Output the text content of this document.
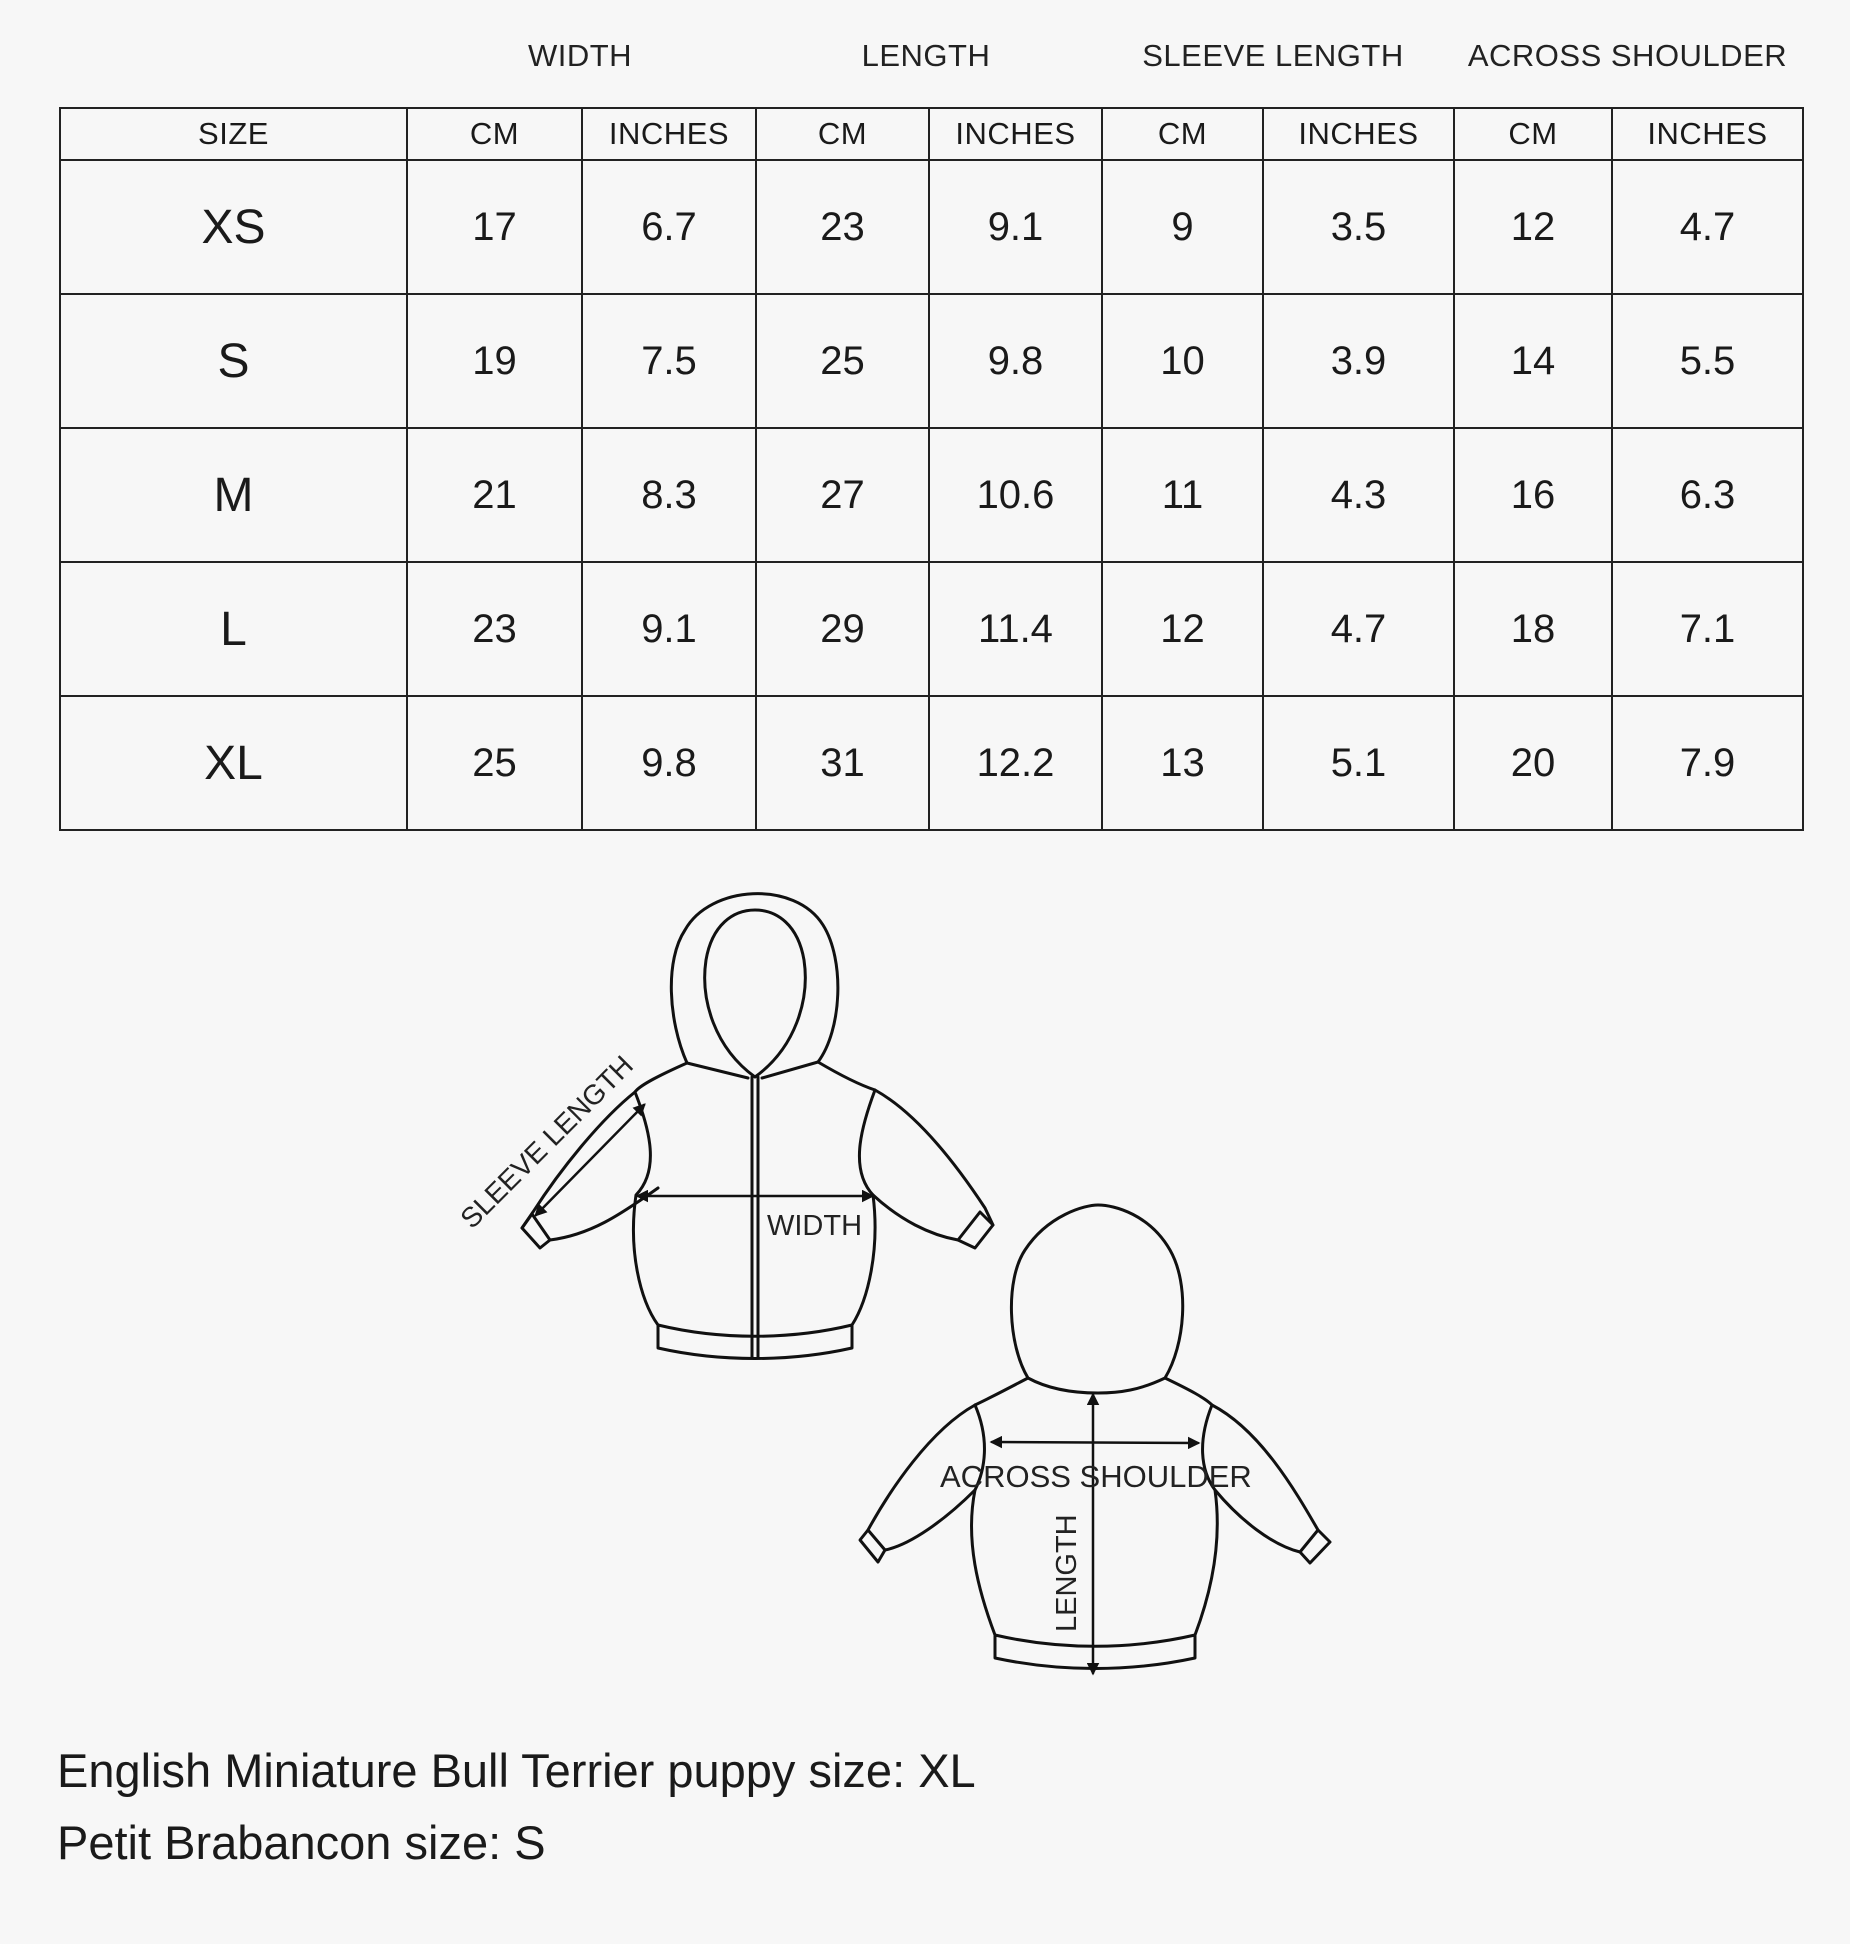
WIDTH	LENGTH	SLEEVE LENGTH	ACROSS SHOULDER
SIZE	CM	INCHES	CM	INCHES	CM	INCHES	CM	INCHES
XS	17	6.7	23	9.1	9	3.5	12	4.7
S	19	7.5	25	9.8	10	3.9	14	5.5
M	21	8.3	27	10.6	11	4.3	16	6.3
L	23	9.1	29	11.4	12	4.7	18	7.1
XL	25	9.8	31	12.2	13	5.1	20	7.9
SLEEVE LENGTH	WIDTH
ACROSS SHOULDER
LENGTH
English Miniature Bull Terrier puppy size: XL
Petit Brabancon size: S
